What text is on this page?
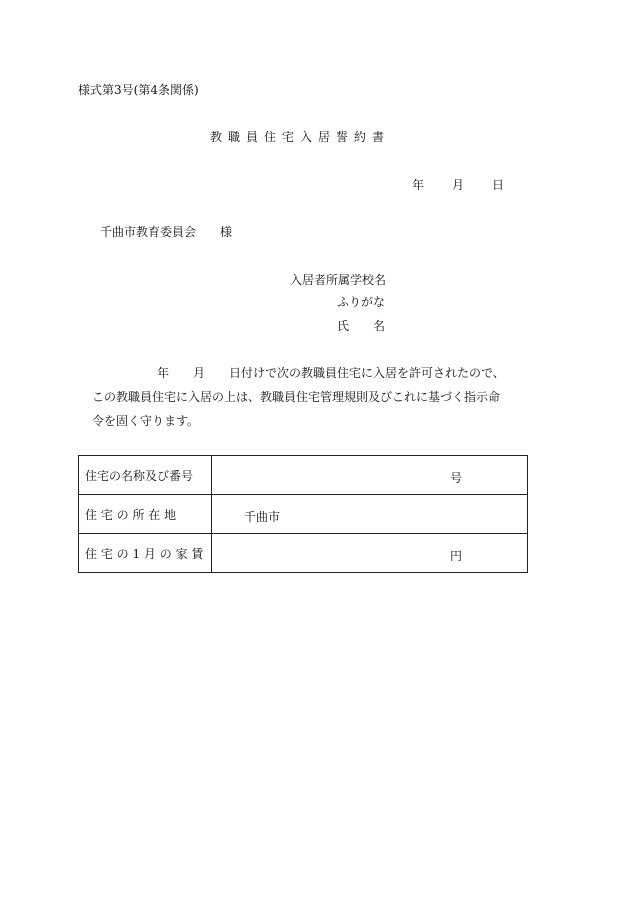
様式第3号(第4条関係)
教職員住宅入居誓約書
年 月 日
千曲市教育委員会　　様
入居者所属学校名
ふりがな
氏　　名
年　　月　　日付けで次の教職員住宅に入居を許可されたので、
この教職員住宅に入居の上は、教職員住宅管理規則及びこれに基づく指示命
令を固く守ります。
住宅の名称及び番号	号

住 宅 の 所 在 地	千曲市

住 宅 の 1 月 の 家 賃	円
